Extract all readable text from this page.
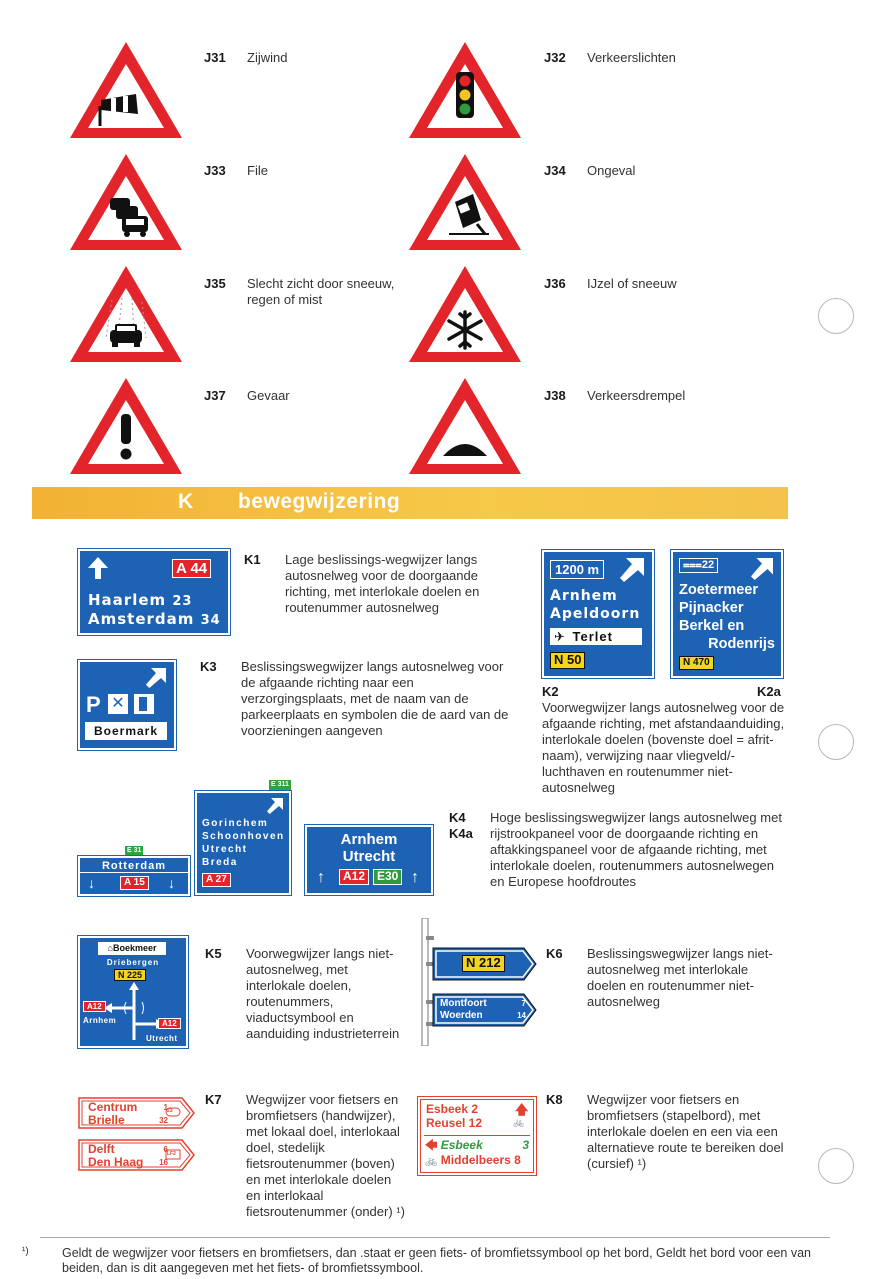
J31 Zijwind	J32 Verkeerslichten
J33 File	J34 Ongeval
J35 Slecht zicht door sneeuw, regen of mist
J36 IJzel of sneeuw
J37 Gevaar	J38 Verkeersdrempel
K bewegwijzering
A 44
Haarlem 23
Amsterdam 34
K1 Lage beslissings-wegwijzer langs autosnelweg voor de doorgaande richting, met interlokale doelen en routenummer autosnelweg
1200 m
Arnhem
Apeldoorn
✈ Terlet
N 50
⩶22
Zoetermeer
Pijnacker
Berkel en
Rodenrijs
N 470
K2	K2a
Voorwegwijzer langs autosnelweg voor de afgaande richting, met afstandaanduiding, interlokale doelen (bovenste doel = afrit-naam), verwijzing naar vliegveld/-luchthaven en routenummer niet-autosnelweg
P ✕
Boermark
K3 Beslissingswegwijzer langs autosnelweg voor de afgaande richting naar een verzorgingsplaats, met de naam van de parkeerplaats en symbolen die de aard van de voorzieningen aangeven
E 31
Rotterdam
↓	A 15 ↓
E 311
Gorinchem
Schoonhoven
Utrecht
Breda
A 27
Arnhem
Utrecht
↑	A12 E30 ↑
K4
K4a
Hoge beslissingswegwijzer langs autosnelweg met rijstrookpaneel voor de doorgaande richting en aftakkingspaneel voor de afgaande richting, met interlokale doelen, routenummers autosnelwegen en Europese hoofdroutes
⌂Boekmeer
Driebergen
N 225
A12
Arnhem	A12
Utrecht
K5 Voorwegwijzer langs niet-autosnelweg, met interlokale doelen, routenummers, viaductsymbool en aanduiding industrieterrein
N 212
Montfoort	7
Woerden	14
K6 Beslissingswegwijzer langs niet-autosnelweg met interlokale doelen en routenummer niet-autosnelweg
Centrum	1
Brielle	32
23
Delft	6
Den Haag 16
LF2
K7 Wegwijzer voor fietsers en bromfietsers (handwijzer), met lokaal doel, interlokaal doel, stedelijk fietsroutenummer (boven) en met interlokale doelen en interlokaal fietsroutenummer (onder) ¹)
Esbeek 2
Reusel 12
🡅
🚲
🡄 Esbeek	3
🚲 Middelbeers 8
K8 Wegwijzer voor fietsers en bromfietsers (stapelbord), met interlokale doelen en een via een alternatieve route te bereiken doel (cursief) ¹)
¹)	Geldt de wegwijzer voor fietsers en bromfietsers, dan .staat er geen fiets- of bromfietssymbool op het bord, Geldt het bord voor een van beiden, dan is dit aangegeven met het fiets- of bromfietssymbool.
